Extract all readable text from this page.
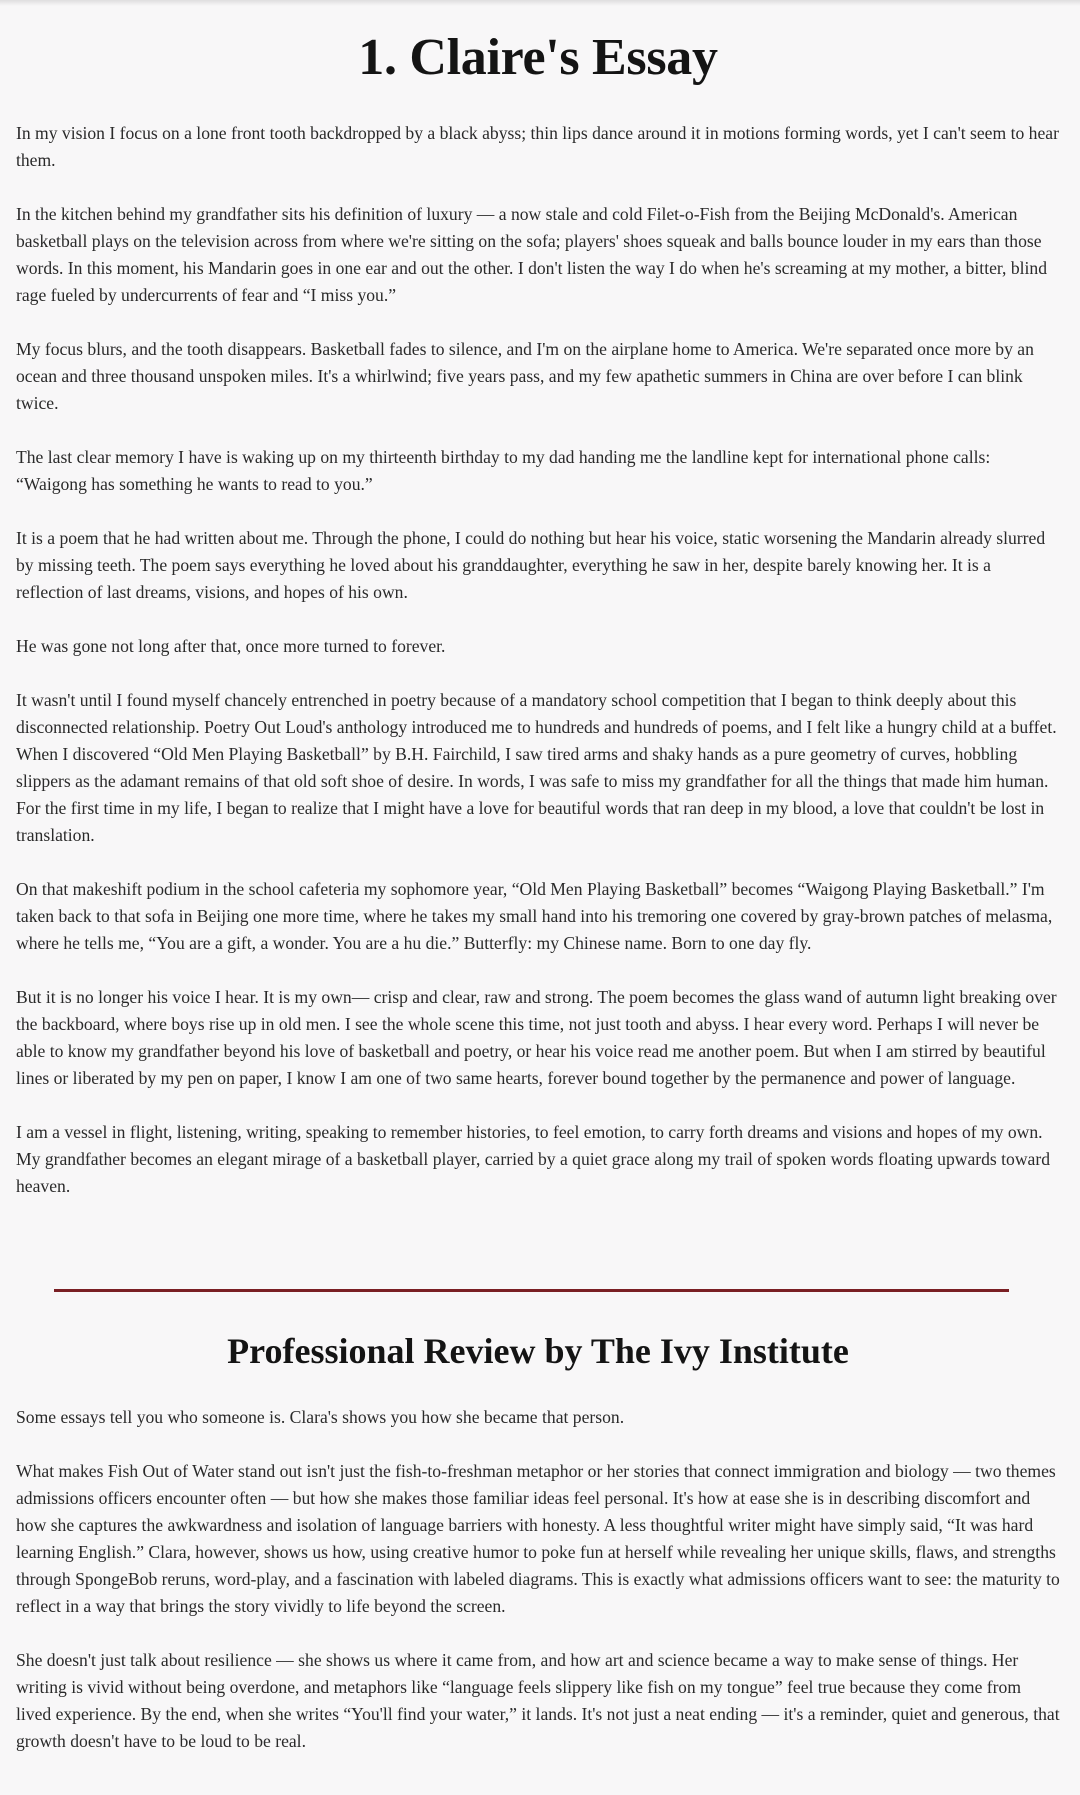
1. Claire's Essay

In my vision I focus on a lone front tooth backdropped by a black abyss; thin lips dance around it in motions forming words, yet I can't seem to hear them.

In the kitchen behind my grandfather sits his definition of luxury — a now stale and cold Filet-o-Fish from the Beijing McDonald's. American basketball plays on the television across from where we're sitting on the sofa; players' shoes squeak and balls bounce louder in my ears than those words. In this moment, his Mandarin goes in one ear and out the other. I don't listen the way I do when he's screaming at my mother, a bitter, blind rage fueled by undercurrents of fear and “I miss you.”

My focus blurs, and the tooth disappears. Basketball fades to silence, and I'm on the airplane home to America. We're separated once more by an ocean and three thousand unspoken miles. It's a whirlwind; five years pass, and my few apathetic summers in China are over before I can blink twice.

The last clear memory I have is waking up on my thirteenth birthday to my dad handing me the landline kept for international phone calls: “Waigong has something he wants to read to you.”

It is a poem that he had written about me. Through the phone, I could do nothing but hear his voice, static worsening the Mandarin already slurred by missing teeth. The poem says everything he loved about his granddaughter, everything he saw in her, despite barely knowing her. It is a reflection of last dreams, visions, and hopes of his own.

He was gone not long after that, once more turned to forever.

It wasn't until I found myself chancely entrenched in poetry because of a mandatory school competition that I began to think deeply about this disconnected relationship. Poetry Out Loud's anthology introduced me to hundreds and hundreds of poems, and I felt like a hungry child at a buffet. When I discovered “Old Men Playing Basketball” by B.H. Fairchild, I saw tired arms and shaky hands as a pure geometry of curves, hobbling slippers as the adamant remains of that old soft shoe of desire. In words, I was safe to miss my grandfather for all the things that made him human. For the first time in my life, I began to realize that I might have a love for beautiful words that ran deep in my blood, a love that couldn't be lost in translation.

On that makeshift podium in the school cafeteria my sophomore year, “Old Men Playing Basketball” becomes “Waigong Playing Basketball.” I'm taken back to that sofa in Beijing one more time, where he takes my small hand into his tremoring one covered by gray-brown patches of melasma, where he tells me, “You are a gift, a wonder. You are a hu die.” Butterfly: my Chinese name. Born to one day fly.

But it is no longer his voice I hear. It is my own— crisp and clear, raw and strong. The poem becomes the glass wand of autumn light breaking over the backboard, where boys rise up in old men. I see the whole scene this time, not just tooth and abyss. I hear every word. Perhaps I will never be able to know my grandfather beyond his love of basketball and poetry, or hear his voice read me another poem. But when I am stirred by beautiful lines or liberated by my pen on paper, I know I am one of two same hearts, forever bound together by the permanence and power of language.

I am a vessel in flight, listening, writing, speaking to remember histories, to feel emotion, to carry forth dreams and visions and hopes of my own. My grandfather becomes an elegant mirage of a basketball player, carried by a quiet grace along my trail of spoken words floating upwards toward heaven.

Professional Review by The Ivy Institute

Some essays tell you who someone is. Clara's shows you how she became that person.

What makes Fish Out of Water stand out isn't just the fish-to-freshman metaphor or her stories that connect immigration and biology — two themes admissions officers encounter often — but how she makes those familiar ideas feel personal. It's how at ease she is in describing discomfort and how she captures the awkwardness and isolation of language barriers with honesty. A less thoughtful writer might have simply said, “It was hard learning English.” Clara, however, shows us how, using creative humor to poke fun at herself while revealing her unique skills, flaws, and strengths through SpongeBob reruns, word-play, and a fascination with labeled diagrams. This is exactly what admissions officers want to see: the maturity to reflect in a way that brings the story vividly to life beyond the screen.

She doesn't just talk about resilience — she shows us where it came from, and how art and science became a way to make sense of things. Her writing is vivid without being overdone, and metaphors like “language feels slippery like fish on my tongue” feel true because they come from lived experience. By the end, when she writes “You'll find your water,” it lands. It's not just a neat ending — it's a reminder, quiet and generous, that growth doesn't have to be loud to be real.
